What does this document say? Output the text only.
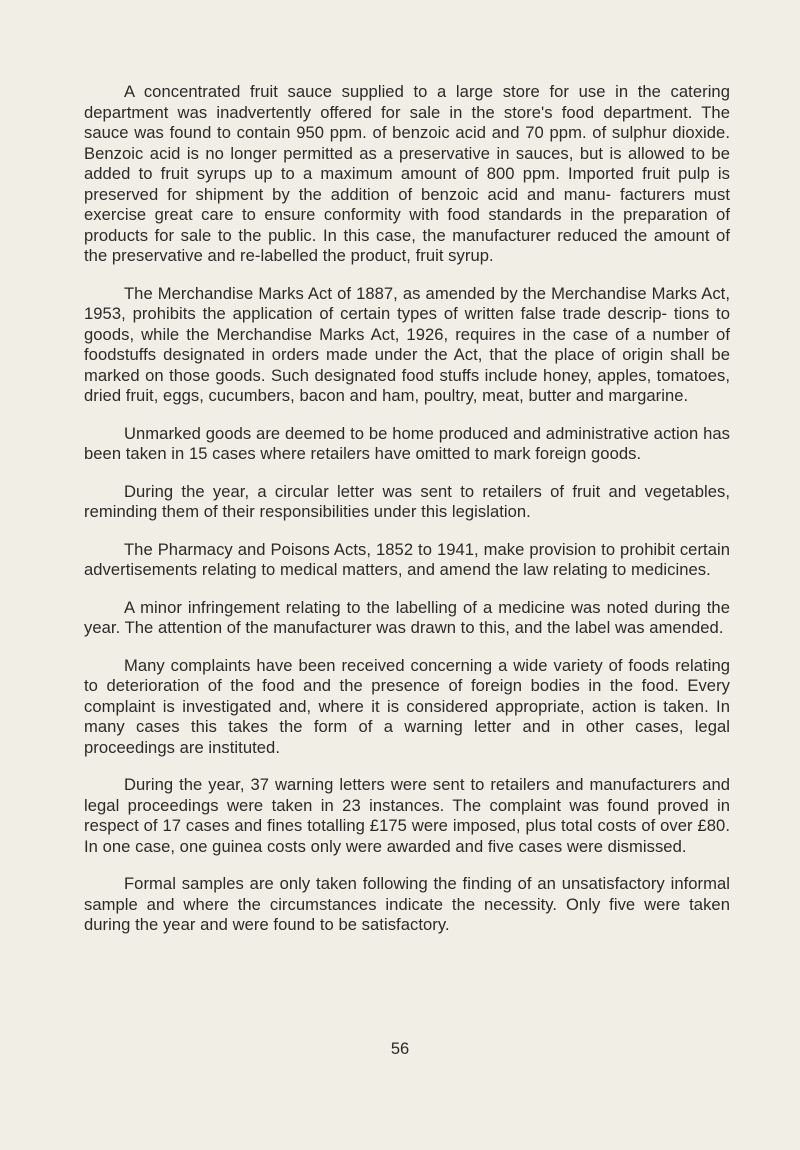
A concentrated fruit sauce supplied to a large store for use in the catering department was inadvertently offered for sale in the store's food department. The sauce was found to contain 950 ppm. of benzoic acid and 70 ppm. of sulphur dioxide. Benzoic acid is no longer permitted as a preservative in sauces, but is allowed to be added to fruit syrups up to a maximum amount of 800 ppm. Imported fruit pulp is preserved for shipment by the addition of benzoic acid and manu- facturers must exercise great care to ensure conformity with food standards in the preparation of products for sale to the public. In this case, the manufacturer reduced the amount of the preservative and re-labelled the product, fruit syrup.

The Merchandise Marks Act of 1887, as amended by the Merchandise Marks Act, 1953, prohibits the application of certain types of written false trade descrip- tions to goods, while the Merchandise Marks Act, 1926, requires in the case of a number of foodstuffs designated in orders made under the Act, that the place of origin shall be marked on those goods. Such designated food stuffs include honey, apples, tomatoes, dried fruit, eggs, cucumbers, bacon and ham, poultry, meat, butter and margarine.

Unmarked goods are deemed to be home produced and administrative action has been taken in 15 cases where retailers have omitted to mark foreign goods.

During the year, a circular letter was sent to retailers of fruit and vegetables, reminding them of their responsibilities under this legislation.

The Pharmacy and Poisons Acts, 1852 to 1941, make provision to prohibit certain advertisements relating to medical matters, and amend the law relating to medicines.

A minor infringement relating to the labelling of a medicine was noted during the year. The attention of the manufacturer was drawn to this, and the label was amended.

Many complaints have been received concerning a wide variety of foods relating to deterioration of the food and the presence of foreign bodies in the food. Every complaint is investigated and, where it is considered appropriate, action is taken. In many cases this takes the form of a warning letter and in other cases, legal proceedings are instituted.

During the year, 37 warning letters were sent to retailers and manufacturers and legal proceedings were taken in 23 instances. The complaint was found proved in respect of 17 cases and fines totalling £175 were imposed, plus total costs of over £80. In one case, one guinea costs only were awarded and five cases were dismissed.

Formal samples are only taken following the finding of an unsatisfactory informal sample and where the circumstances indicate the necessity. Only five were taken during the year and were found to be satisfactory.

56
